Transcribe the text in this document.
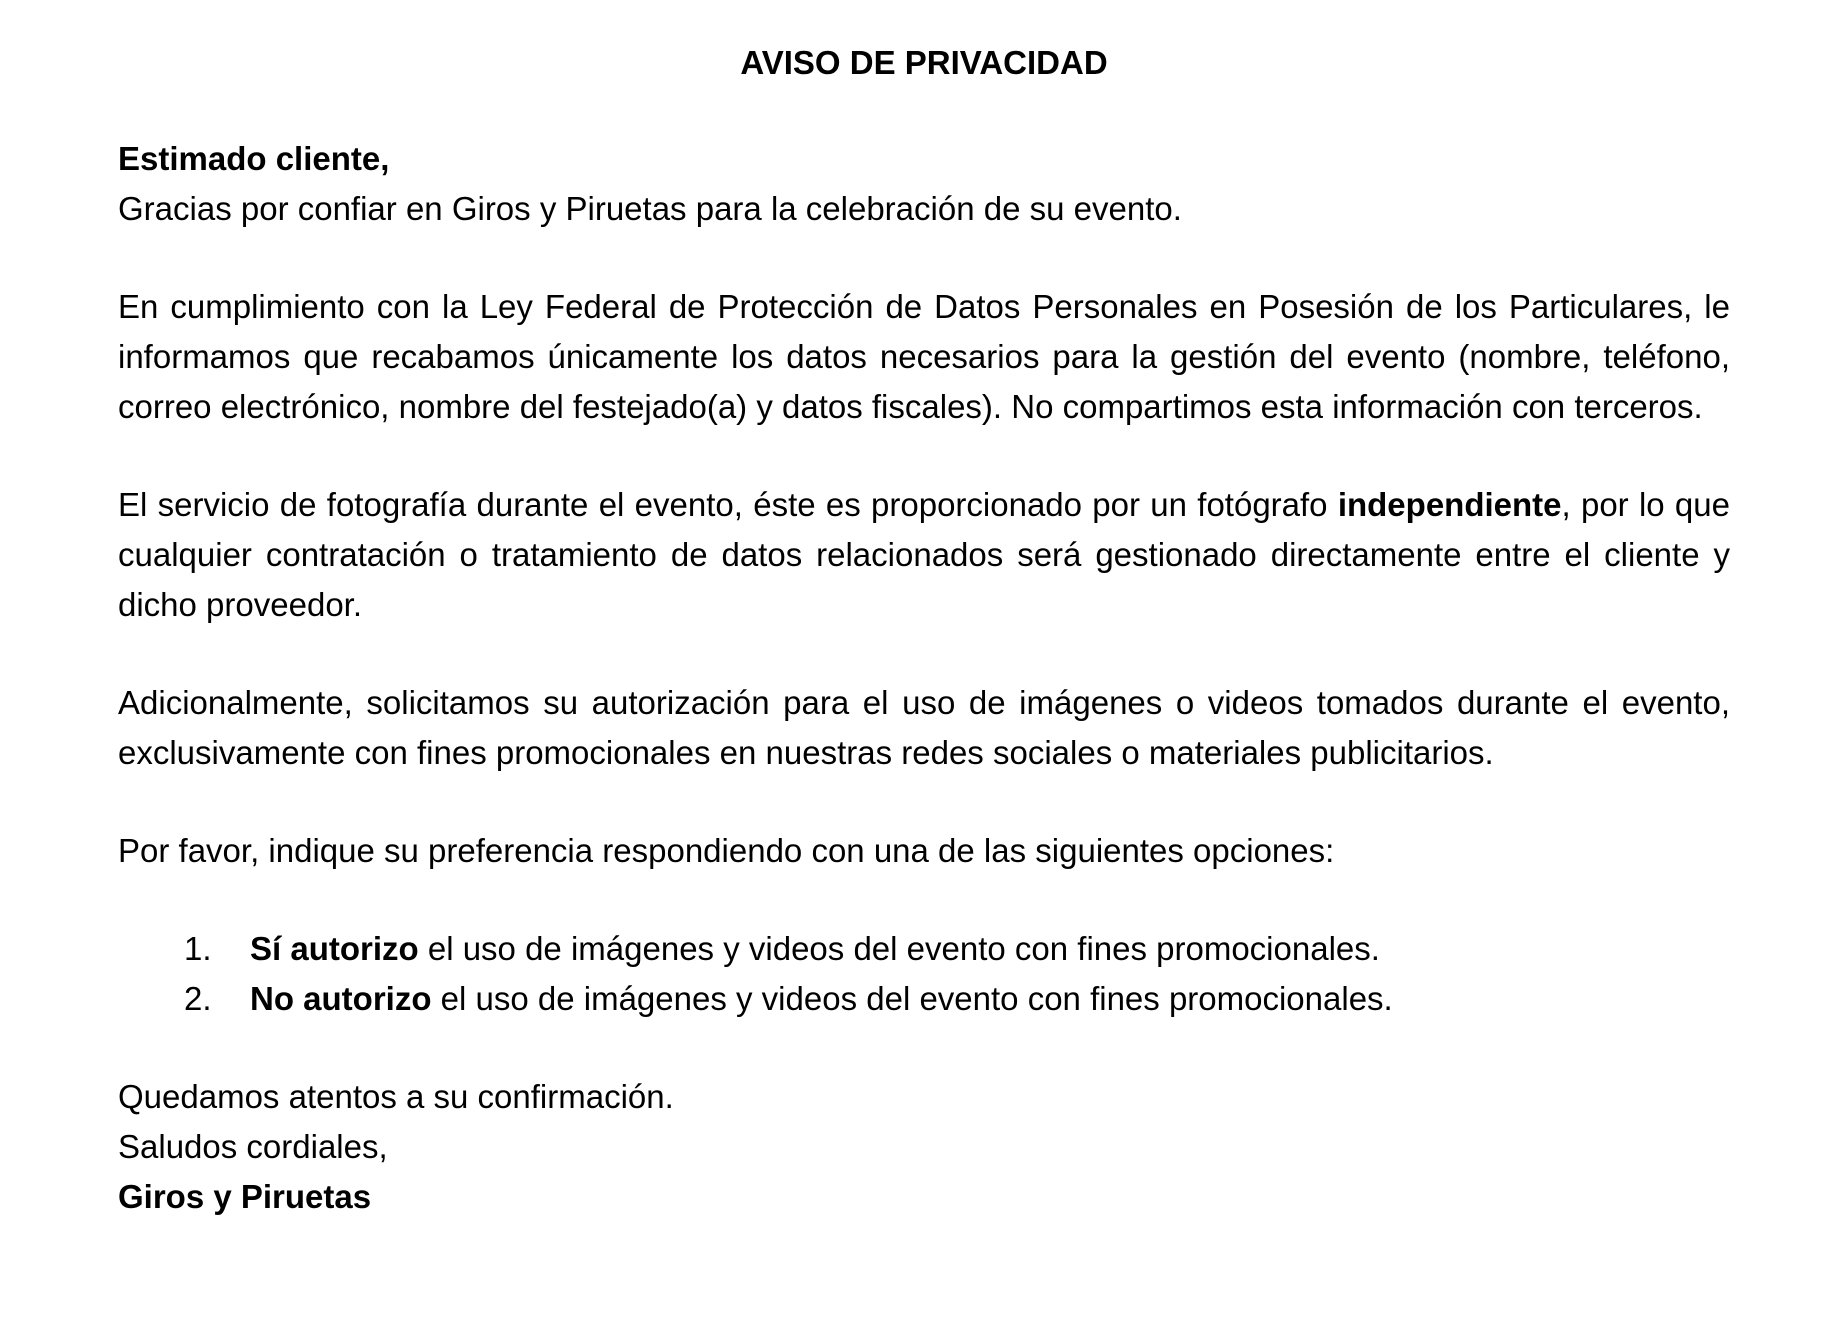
AVISO DE PRIVACIDAD

Estimado cliente,

Gracias por confiar en Giros y Piruetas para la celebración de su evento.

En cumplimiento con la Ley Federal de Protección de Datos Personales en Posesión de los Particulares, le informamos que recabamos únicamente los datos necesarios para la gestión del evento (nombre, teléfono, correo electrónico, nombre del festejado(a) y datos fiscales). No compartimos esta información con terceros.

El servicio de fotografía durante el evento, éste es proporcionado por un fotógrafo independiente, por lo que cualquier contratación o tratamiento de datos relacionados será gestionado directamente entre el cliente y dicho proveedor.

Adicionalmente, solicitamos su autorización para el uso de imágenes o videos tomados durante el evento, exclusivamente con fines promocionales en nuestras redes sociales o materiales publicitarios.

Por favor, indique su preferencia respondiendo con una de las siguientes opciones:

1. Sí autorizo el uso de imágenes y videos del evento con fines promocionales.
2. No autorizo el uso de imágenes y videos del evento con fines promocionales.

Quedamos atentos a su confirmación.

Saludos cordiales,

Giros y Piruetas
